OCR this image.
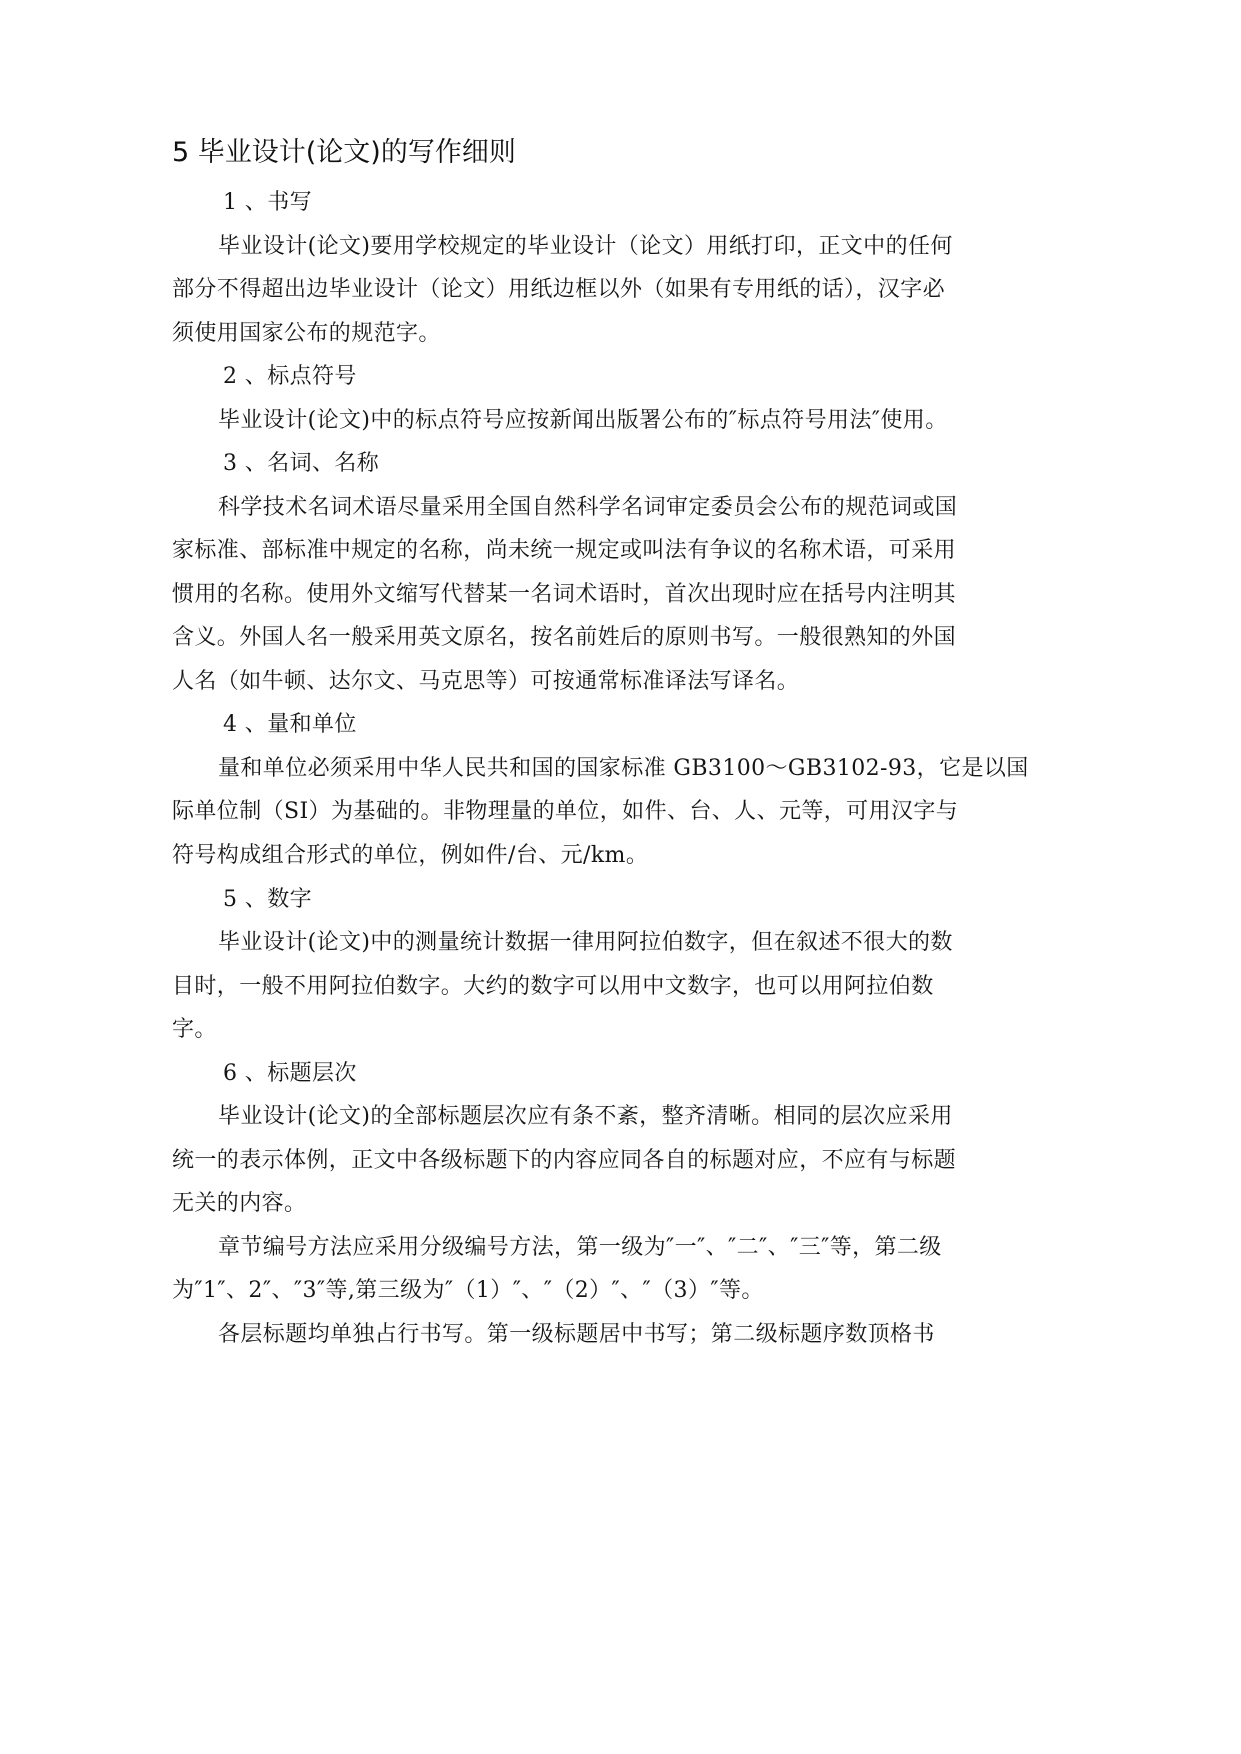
5 毕业设计(论文)的写作细则
1 、书写
毕业设计(论文)要用学校规定的毕业设计（论文）用纸打印，正文中的任何
部分不得超出边毕业设计（论文）用纸边框以外（如果有专用纸的话），汉字必
须使用国家公布的规范字。
2 、标点符号
毕业设计(论文)中的标点符号应按新闻出版署公布的″标点符号用法″使用。
3 、名词、名称
科学技术名词术语尽量采用全国自然科学名词审定委员会公布的规范词或国
家标准、部标准中规定的名称，尚未统一规定或叫法有争议的名称术语，可采用
惯用的名称。使用外文缩写代替某一名词术语时，首次出现时应在括号内注明其
含义。外国人名一般采用英文原名，按名前姓后的原则书写。一般很熟知的外国
人名（如牛顿、达尔文、马克思等）可按通常标准译法写译名。
4 、量和单位
量和单位必须采用中华人民共和国的国家标准 GB3100～GB3102-93，它是以国
际单位制（SI）为基础的。非物理量的单位，如件、台、人、元等，可用汉字与
符号构成组合形式的单位，例如件/台、元/km。
5 、数字
毕业设计(论文)中的测量统计数据一律用阿拉伯数字，但在叙述不很大的数
目时，一般不用阿拉伯数字。大约的数字可以用中文数字，也可以用阿拉伯数
字。
6 、标题层次
毕业设计(论文)的全部标题层次应有条不紊，整齐清晰。相同的层次应采用
统一的表示体例，正文中各级标题下的内容应同各自的标题对应，不应有与标题
无关的内容。
章节编号方法应采用分级编号方法，第一级为″一″、″二″、″三″等，第二级
为″1″、2″、″3″等,第三级为″（1）″、″（2）″、″（3）″等。
各层标题均单独占行书写。第一级标题居中书写；第二级标题序数顶格书
